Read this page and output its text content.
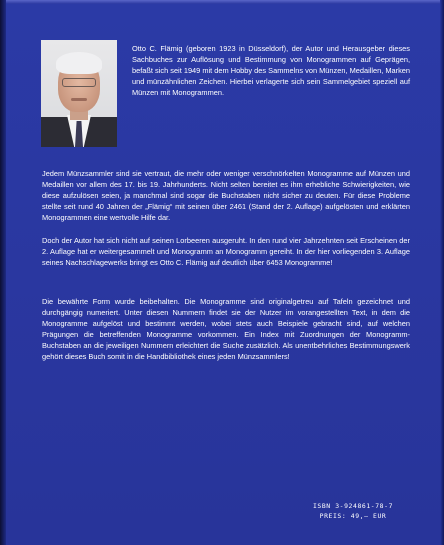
Otto C. Flämig (geboren 1923 in Düsseldorf), der Autor und Herausgeber dieses Sachbuches zur Auflösung und Bestimmung von Monogrammen auf Geprägen, befaßt sich seit 1949 mit dem Hobby des Sammelns von Münzen, Medaillen, Marken und münzähnlichen Zeichen. Hierbei verlagerte sich sein Sammelgebiet speziell auf Münzen mit Monogrammen.

Jedem Münzsammler sind sie vertraut, die mehr oder weniger verschnörkelten Monogramme auf Münzen und Medaillen vor allem des 17. bis 19. Jahrhunderts. Nicht selten bereitet es ihm erhebliche Schwierigkeiten, wie diese aufzulösen seien, ja manchmal sind sogar die Buchstaben nicht sicher zu deuten. Für diese Probleme stellte seit rund 40 Jahren der „Flämig“ mit seinen über 2461 (Stand der 2. Auflage) aufgelösten und erklärten Monogrammen eine wertvolle Hilfe dar.

Doch der Autor hat sich nicht auf seinen Lorbeeren ausgeruht. In den rund vier Jahrzehnten seit Erscheinen der 2. Auflage hat er weitergesammelt und Monogramm an Monogramm gereiht. In der hier vorliegenden 3. Auflage seines Nachschlagewerks bringt es Otto C. Flämig auf deutlich über 6453 Monogramme!

Die bewährte Form wurde beibehalten. Die Monogramme sind originalgetreu auf Tafeln gezeichnet und durchgängig numeriert. Unter diesen Nummern findet sie der Nutzer im vorangestellten Text, in dem die Monogramme aufgelöst und bestimmt werden, wobei stets auch Beispiele gebracht sind, auf welchen Prägungen die betreffenden Monogramme vorkommen. Ein Index mit Zuordnungen der Monogramm-Buchstaben an die jeweiligen Nummern erleichtert die Suche zusätzlich. Als unentbehrliches Bestimmungswerk gehört dieses Buch somit in die Handbibliothek eines jeden Münzsammlers!

ISBN 3-924861-78-7
PREIS: 49,– EUR
